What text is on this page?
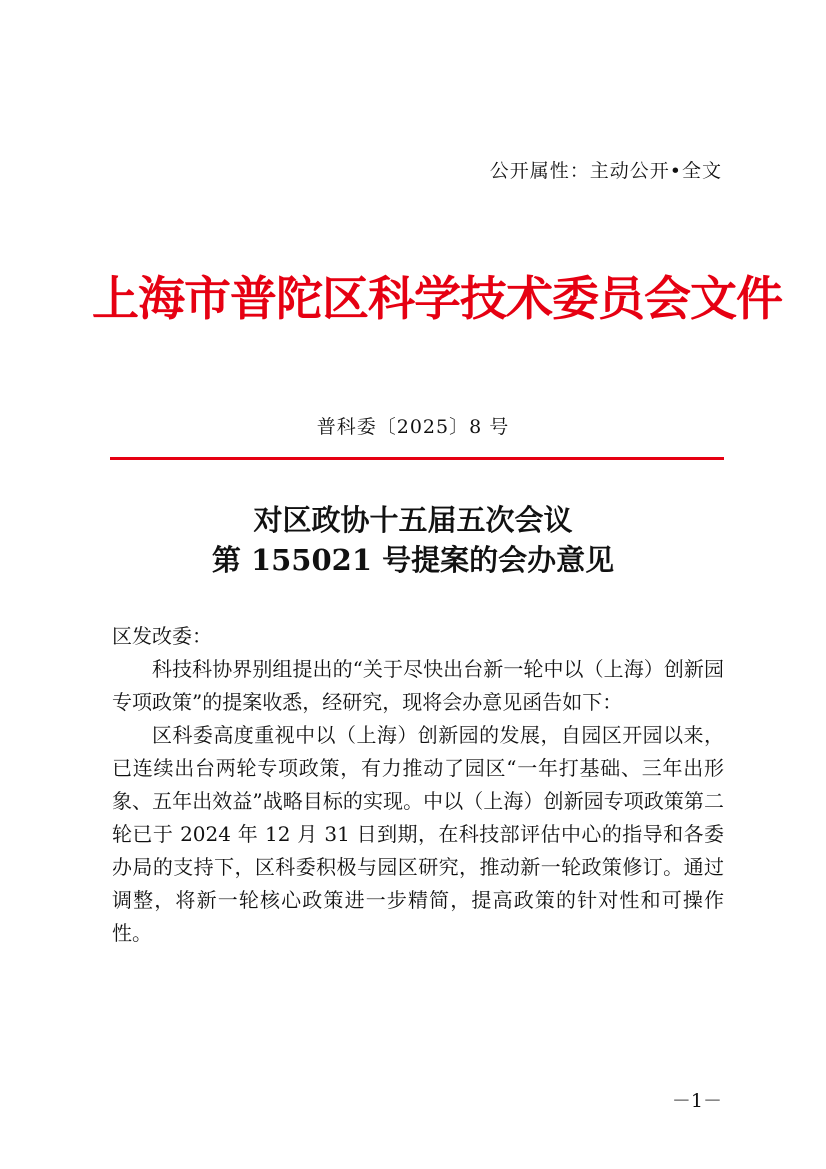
公开属性：主动公开•全文
上海市普陀区科学技术委员会文件
普科委〔2025〕8 号
对区政协十五届五次会议
第 155021 号提案的会办意见
区发改委：

科技科协界别组提出的“关于尽快出台新一轮中以（上海）创新园专项政策”的提案收悉，经研究，现将会办意见函告如下：

区科委高度重视中以（上海）创新园的发展，自园区开园以来，已连续出台两轮专项政策，有力推动了园区“一年打基础、三年出形象、五年出效益”战略目标的实现。中以（上海）创新园专项政策第二轮已于 2024 年 12 月 31 日到期，在科技部评估中心的指导和各委办局的支持下，区科委积极与园区研究，推动新一轮政策修订。通过调整，将新一轮核心政策进一步精简，提高政策的针对性和可操作性。

－1－
